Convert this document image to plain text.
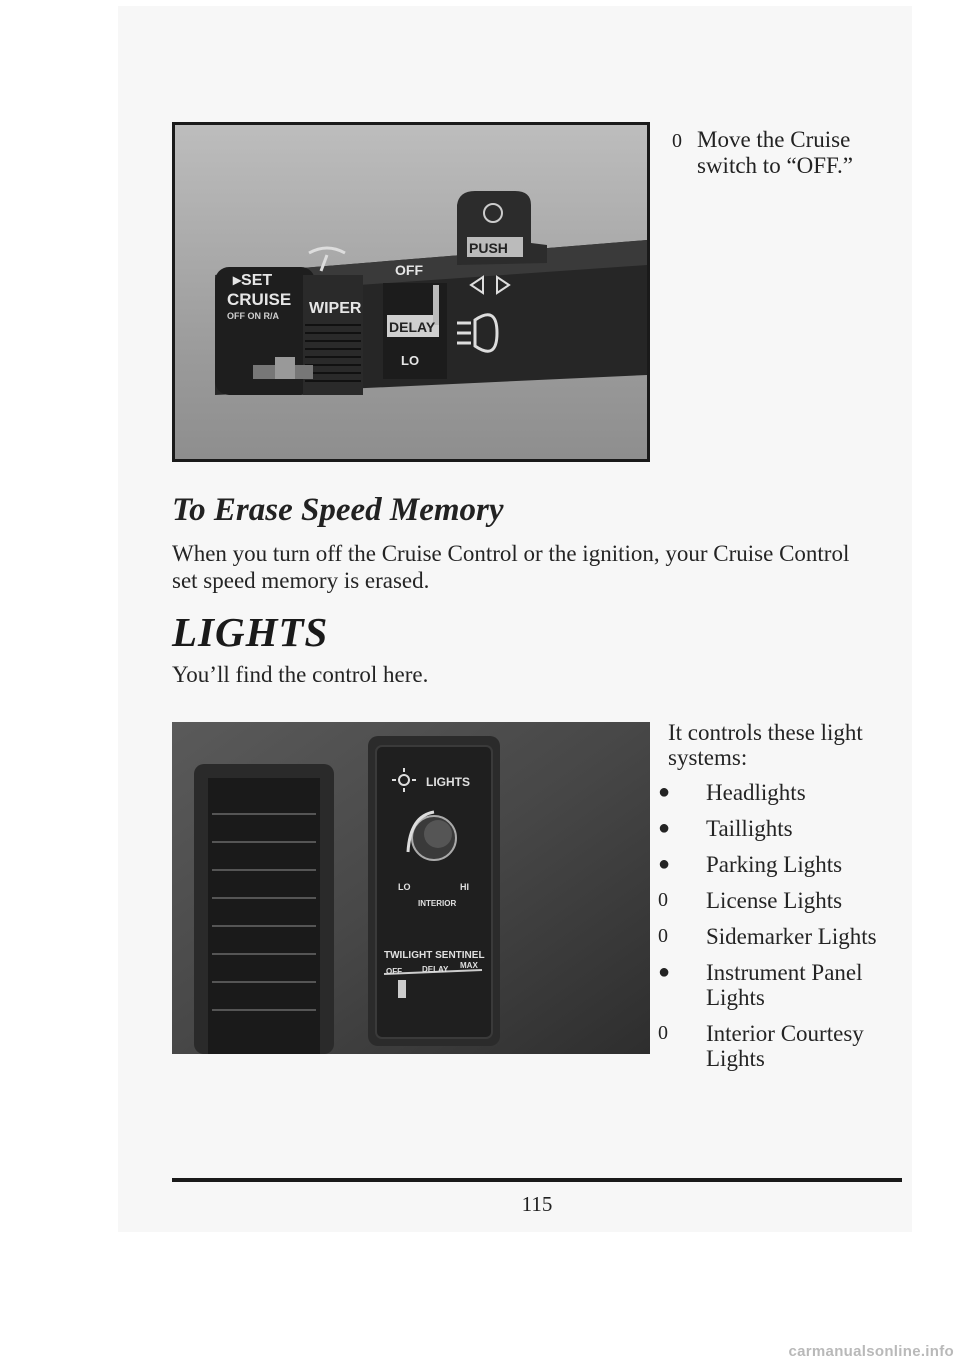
▸SET
CRUISE
OFF ON R/A WIPER
DELAY
OFF
PUSH
LO
0 Move the Cruise
switch to “OFF.”
To Erase Speed Memory
When you turn off the Cruise Control or the ignition, your Cruise Control set speed memory is erased.
LIGHTS
You’ll find the control here.
LIGHTS
LO	HI
INTERIOR
TWILIGHT SENTINEL
OFF	DELAY MAX
It controls these light systems:
● Headlights
● Taillights
● Parking Lights
0 License Lights
0 Sidemarker Lights
● Instrument Panel Lights
0 Interior Courtesy Lights
115
carmanualsonline.info
